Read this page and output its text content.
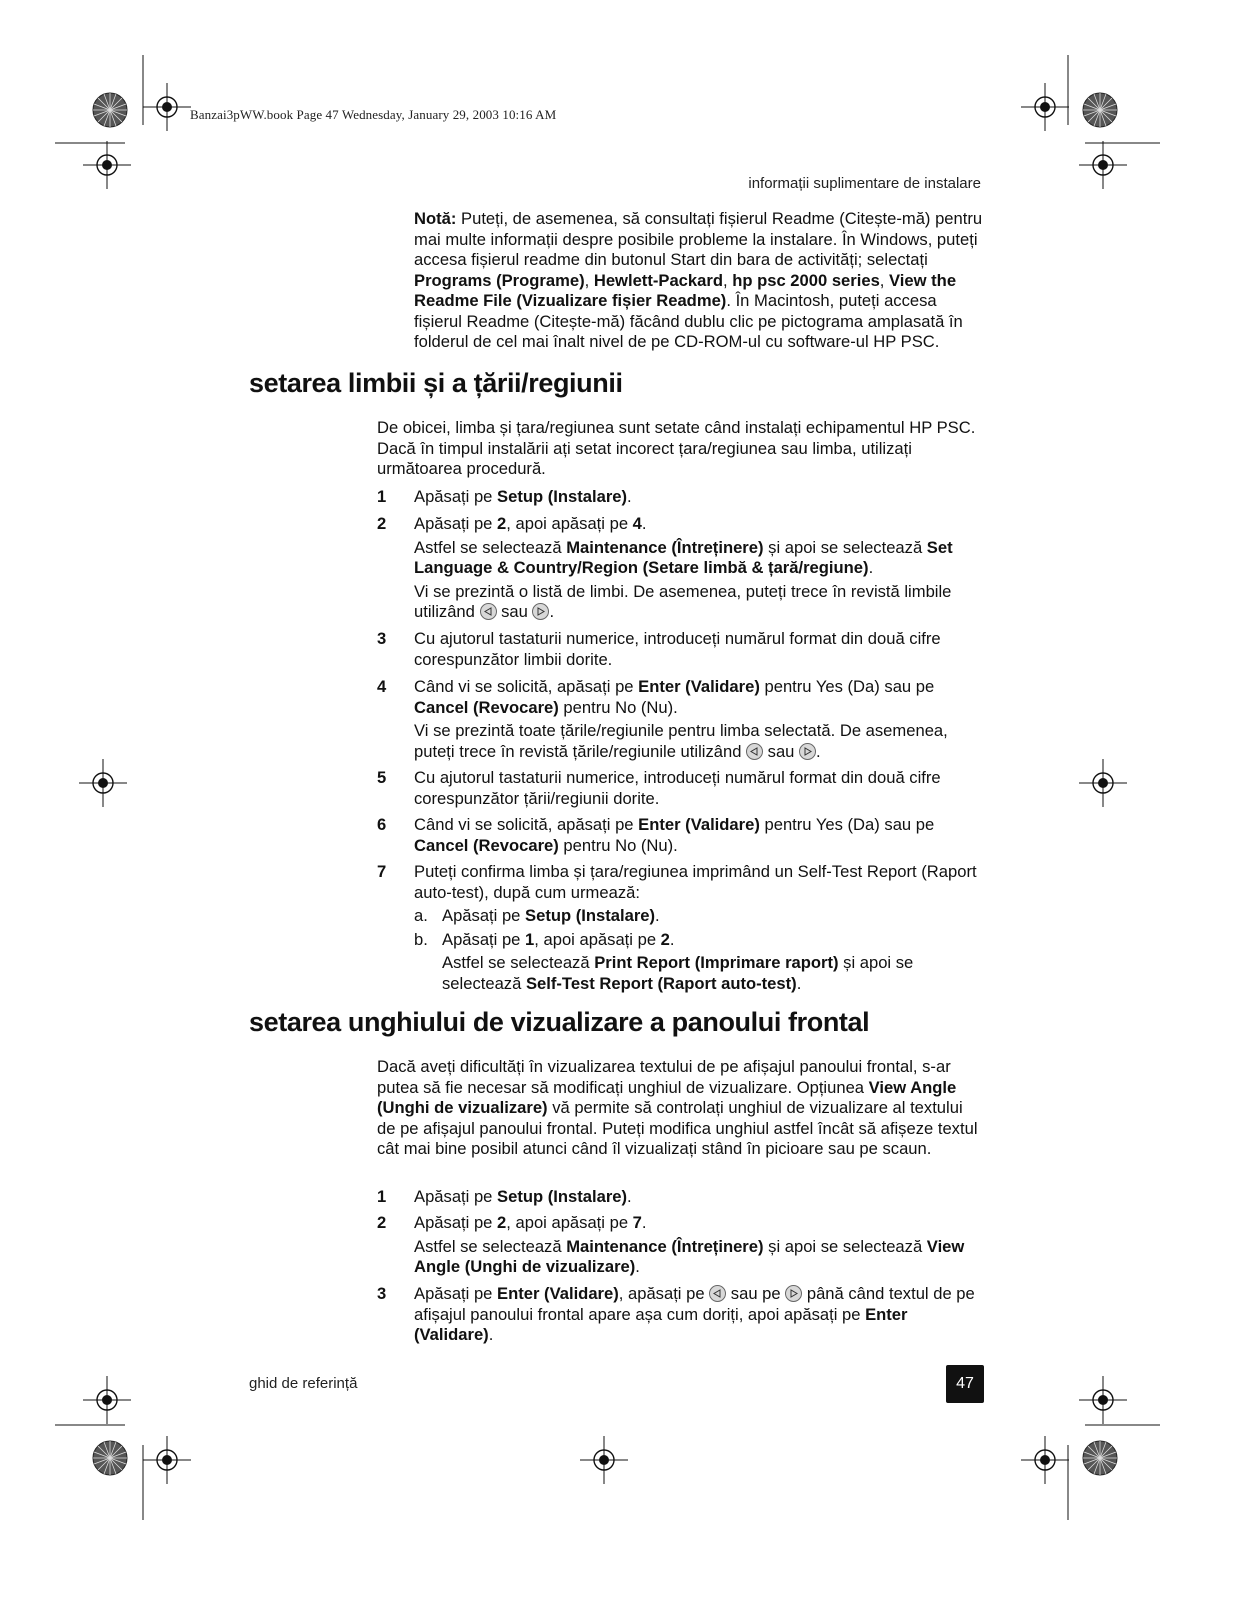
Banzai3pWW.book Page 47 Wednesday, January 29, 2003 10:16 AM
informații suplimentare de instalare
Notă: Puteți, de asemenea, să consultați fișierul Readme (Citește-mă) pentru mai multe informații despre posibile probleme la instalare. În Windows, puteți accesa fișierul readme din butonul Start din bara de activități; selectați Programs (Programe), Hewlett-Packard, hp psc 2000 series, View the Readme File (Vizualizare fișier Readme). În Macintosh, puteți accesa fișierul Readme (Citește-mă) făcând dublu clic pe pictograma amplasată în folderul de cel mai înalt nivel de pe CD-ROM-ul cu software-ul HP PSC.
setarea limbii și a țării/regiunii
De obicei, limba și țara/regiunea sunt setate când instalați echipamentul HP PSC. Dacă în timpul instalării ați setat incorect țara/regiunea sau limba, utilizați următoarea procedură.
1	Apăsați pe Setup (Instalare).
2	Apăsați pe 2, apoi apăsați pe 4.
Astfel se selectează Maintenance (Întreținere) și apoi se selectează Set Language & Country/Region (Setare limbă & țară/regiune).
Vi se prezintă o listă de limbi. De asemenea, puteți trece în revistă limbile utilizând
sau
.
3	Cu ajutorul tastaturii numerice, introduceți numărul format din două cifre corespunzător limbii dorite.
4	Când vi se solicită, apăsați pe Enter (Validare) pentru Yes (Da) sau pe Cancel (Revocare) pentru No (Nu).
Vi se prezintă toate țările/regiunile pentru limba selectată. De asemenea, puteți trece în revistă țările/regiunile utilizând
sau
.
5	Cu ajutorul tastaturii numerice, introduceți numărul format din două cifre corespunzător țării/regiunii dorite.
6	Când vi se solicită, apăsați pe Enter (Validare) pentru Yes (Da) sau pe Cancel (Revocare) pentru No (Nu).
7	Puteți confirma limba și țara/regiunea imprimând un Self-Test Report (Raport auto-test), după cum urmează:
a. Apăsați pe Setup (Instalare).
b. Apăsați pe 1, apoi apăsați pe 2.
Astfel se selectează Print Report (Imprimare raport) și apoi se selectează Self-Test Report (Raport auto-test).
setarea unghiului de vizualizare a panoului frontal
Dacă aveți dificultăți în vizualizarea textului de pe afișajul panoului frontal, s-ar putea să fie necesar să modificați unghiul de vizualizare. Opțiunea View Angle (Unghi de vizualizare) vă permite să controlați unghiul de vizualizare al textului de pe afișajul panoului frontal. Puteți modifica unghiul astfel încât să afișeze textul cât mai bine posibil atunci când îl vizualizați stând în picioare sau pe scaun.
1	Apăsați pe Setup (Instalare).
2	Apăsați pe 2, apoi apăsați pe 7.
Astfel se selectează Maintenance (Întreținere) și apoi se selectează View Angle (Unghi de vizualizare).
3	Apăsați pe Enter (Validare), apăsați pe
sau pe
până când textul de pe afișajul panoului frontal apare așa cum doriți, apoi apăsați pe Enter (Validare).
ghid de referință	47
